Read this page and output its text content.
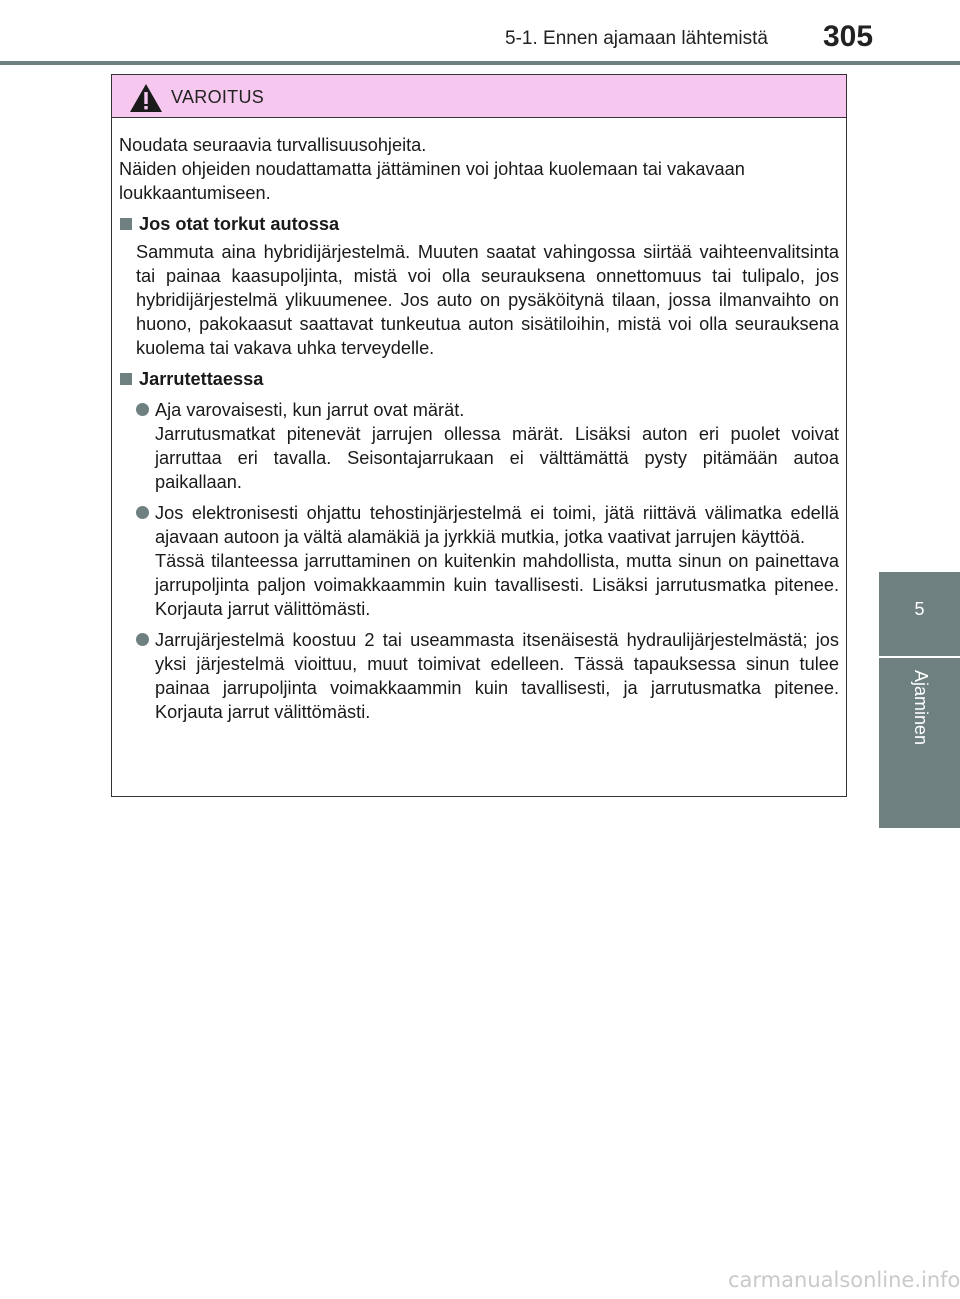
5-1. Ennen ajamaan lähtemistä 305
5
Ajaminen
VAROITUS

Noudata seuraavia turvallisuusohjeita.

Näiden ohjeiden noudattamatta jättäminen voi johtaa kuolemaan tai vakavaan loukkaantumiseen.

Jos otat torkut autossa

Sammuta aina hybridijärjestelmä. Muuten saatat vahingossa siirtää vaihteenvalitsinta tai painaa kaasupoljinta, mistä voi olla seurauksena onnettomuus tai tulipalo, jos hybridijärjestelmä ylikuumenee. Jos auto on pysäköitynä tilaan, jossa ilmanvaihto on huono, pakokaasut saattavat tunkeutua auton sisätiloihin, mistä voi olla seurauksena kuolema tai vakava uhka terveydelle.

Jarrutettaessa

Aja varovaisesti, kun jarrut ovat märät.

Jarrutusmatkat pitenevät jarrujen ollessa märät. Lisäksi auton eri puolet voivat jarruttaa eri tavalla. Seisontajarrukaan ei välttämättä pysty pitämään autoa paikallaan.

Jos elektronisesti ohjattu tehostinjärjestelmä ei toimi, jätä riittävä välimatka edellä ajavaan autoon ja vältä alamäkiä ja jyrkkiä mutkia, jotka vaativat jarrujen käyttöä.

Tässä tilanteessa jarruttaminen on kuitenkin mahdollista, mutta sinun on painettava jarrupoljinta paljon voimakkaammin kuin tavallisesti. Lisäksi jarrutusmatka pitenee. Korjauta jarrut välittömästi.

Jarrujärjestelmä koostuu 2 tai useammasta itsenäisestä hydraulijärjestelmästä; jos yksi järjestelmä vioittuu, muut toimivat edelleen. Tässä tapauksessa sinun tulee painaa jarrupoljinta voimakkaammin kuin tavallisesti, ja jarrutusmatka pitenee. Korjauta jarrut välittömästi.

carmanualsonline.info
